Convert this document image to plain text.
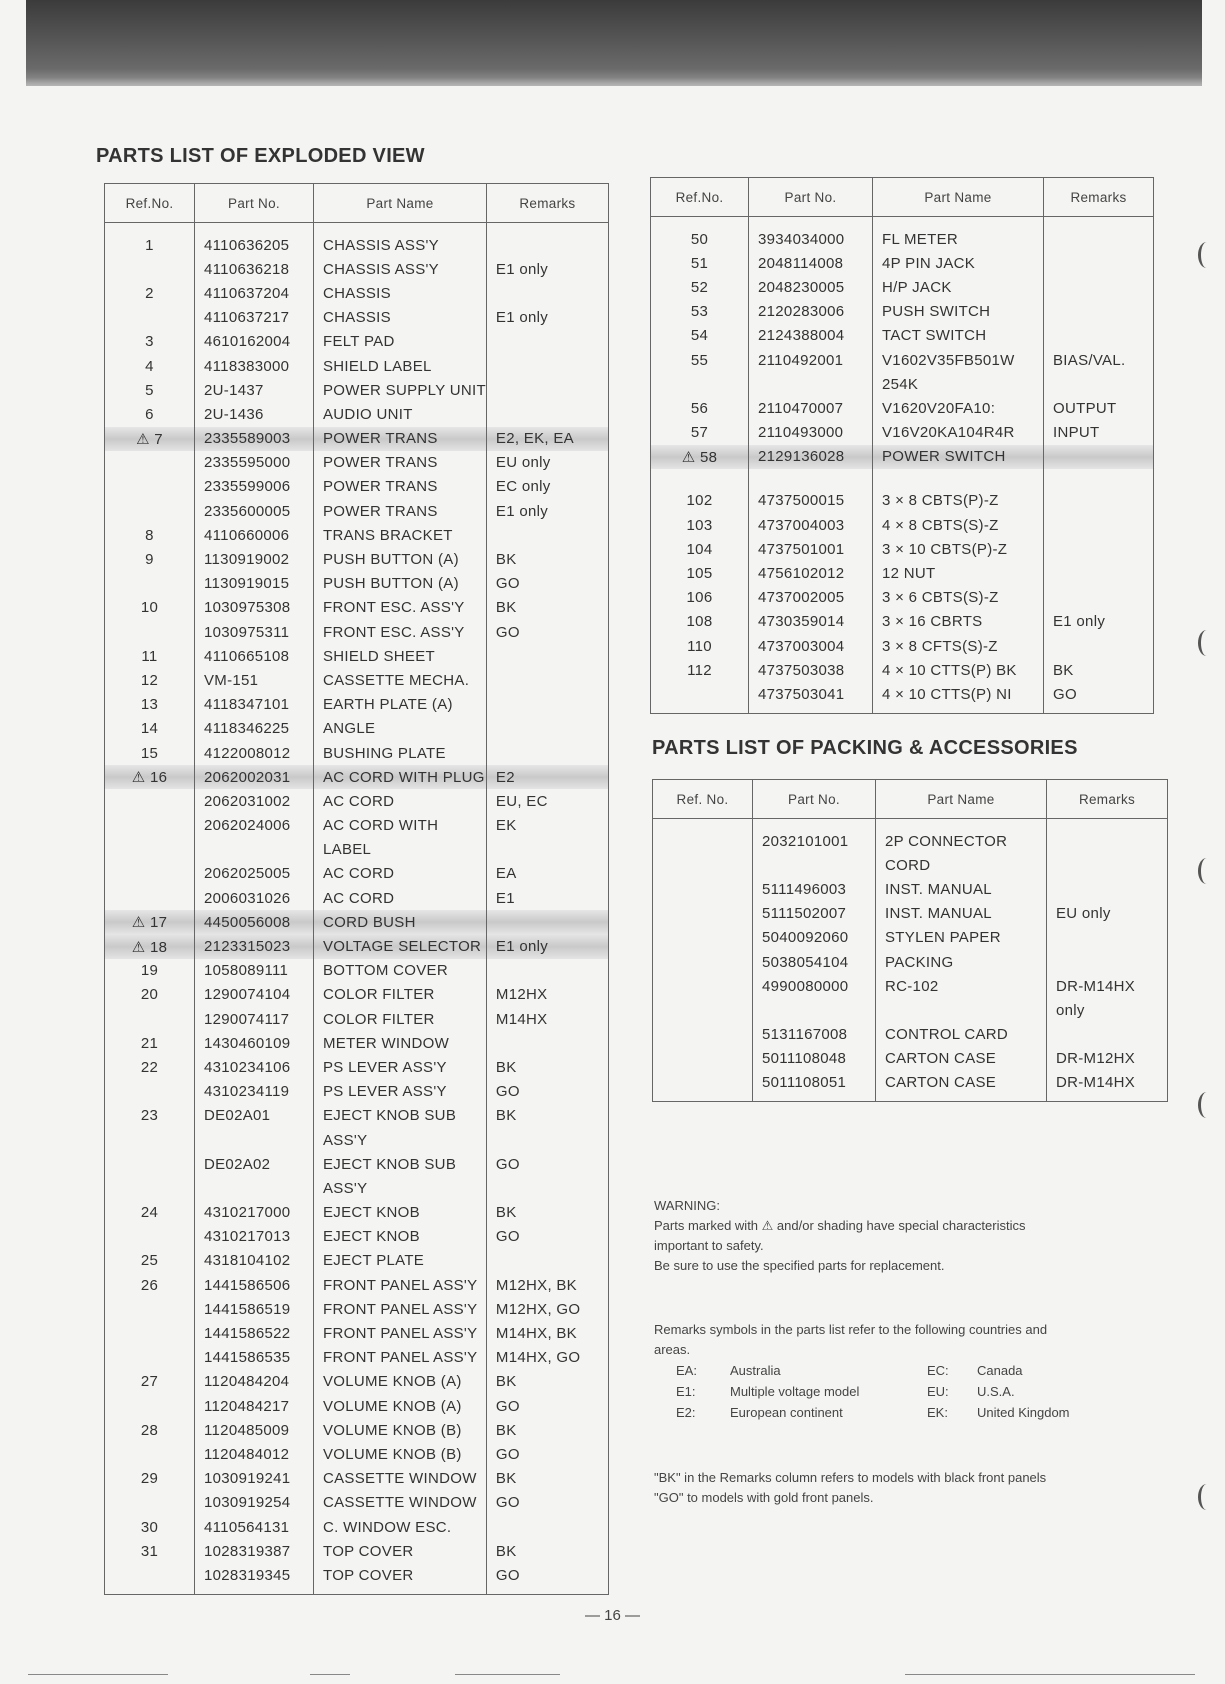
PARTS LIST OF EXPLODED VIEW
Ref.No.	Part No.	Part Name	Remarks
1	4110636205	CHASSIS ASS'Y	
	4110636218	CHASSIS ASS'Y	E1 only
2	4110637204	CHASSIS	
	4110637217	CHASSIS	E1 only
3	4610162004	FELT PAD	
4	4118383000	SHIELD LABEL	
5	2U-1437	POWER SUPPLY UNIT	
6	2U-1436	AUDIO UNIT	
⚠ 7	2335589003	POWER TRANS	E2, EK, EA
	2335595000	POWER TRANS	EU only
	2335599006	POWER TRANS	EC only
	2335600005	POWER TRANS	E1 only
8	4110660006	TRANS BRACKET	
9	1130919002	PUSH BUTTON (A)	BK
	1130919015	PUSH BUTTON (A)	GO
10	1030975308	FRONT ESC. ASS'Y	BK
	1030975311	FRONT ESC. ASS'Y	GO
11	4110665108	SHIELD SHEET	
12	VM-151	CASSETTE MECHA.	
13	4118347101	EARTH PLATE (A)	
14	4118346225	ANGLE	
15	4122008012	BUSHING PLATE	
⚠ 16	2062002031	AC CORD WITH PLUG	E2
	2062031002	AC CORD	EU, EC
	2062024006	AC CORD WITH	EK
		LABEL	
	2062025005	AC CORD	EA
	2006031026	AC CORD	E1
⚠ 17	4450056008	CORD BUSH	
⚠ 18	2123315023	VOLTAGE SELECTOR	E1 only
19	1058089111	BOTTOM COVER	
20	1290074104	COLOR FILTER	M12HX
	1290074117	COLOR FILTER	M14HX
21	1430460109	METER WINDOW	
22	4310234106	PS LEVER ASS'Y	BK
	4310234119	PS LEVER ASS'Y	GO
23	DE02A01	EJECT KNOB SUB	BK
		ASS'Y	
	DE02A02	EJECT KNOB SUB	GO
		ASS'Y	
24	4310217000	EJECT KNOB	BK
	4310217013	EJECT KNOB	GO
25	4318104102	EJECT PLATE	
26	1441586506	FRONT PANEL ASS'Y	M12HX, BK
	1441586519	FRONT PANEL ASS'Y	M12HX, GO
	1441586522	FRONT PANEL ASS'Y	M14HX, BK
	1441586535	FRONT PANEL ASS'Y	M14HX, GO
27	1120484204	VOLUME KNOB (A)	BK
	1120484217	VOLUME KNOB (A)	GO
28	1120485009	VOLUME KNOB (B)	BK
	1120484012	VOLUME KNOB (B)	GO
29	1030919241	CASSETTE WINDOW	BK
	1030919254	CASSETTE WINDOW	GO
30	4110564131	C. WINDOW ESC.	
31	1028319387	TOP COVER	BK
	1028319345	TOP COVER	GO
Ref.No.	Part No.	Part Name	Remarks
50	3934034000	FL METER	
51	2048114008	4P PIN JACK	
52	2048230005	H/P JACK	
53	2120283006	PUSH SWITCH	
54	2124388004	TACT SWITCH	
55	2110492001	V1602V35FB501W	BIAS/VAL.
		254K	
56	2110470007	V1620V20FA10:	OUTPUT
57	2110493000	V16V20KA104R4R	INPUT
⚠ 58	2129136028	POWER SWITCH	

102	4737500015	3 × 8 CBTS(P)-Z	
103	4737004003	4 × 8 CBTS(S)-Z	
104	4737501001	3 × 10 CBTS(P)-Z	
105	4756102012	12 NUT	
106	4737002005	3 × 6 CBTS(S)-Z	
108	4730359014	3 × 16 CBRTS	E1 only
110	4737003004	3 × 8 CFTS(S)-Z	
112	4737503038	4 × 10 CTTS(P) BK	BK
	4737503041	4 × 10 CTTS(P) NI	GO
PARTS LIST OF PACKING & ACCESSORIES
Ref. No.	Part No.	Part Name	Remarks
	2032101001	2P CONNECTOR	
		CORD	
	5111496003	INST. MANUAL	
	5111502007	INST. MANUAL	EU only
	5040092060	STYLEN PAPER	
	5038054104	PACKING	
	4990080000	RC-102	DR-M14HX
			only
	5131167008	CONTROL CARD	
	5011108048	CARTON CASE	DR-M12HX
	5011108051	CARTON CASE	DR-M14HX

WARNING:

Parts marked with ⚠ and/or shading have special characteristics

important to safety.

Be sure to use the specified parts for replacement.

Remarks symbols in the parts list refer to the following countries and

areas.

EA:	Australia	EC:	Canada
E1:	Multiple voltage model	EU:	U.S.A.
E2:	European continent	EK:	United Kingdom

"BK" in the Remarks column refers to models with black front panels

"GO" to models with gold front panels.

— 16 —
